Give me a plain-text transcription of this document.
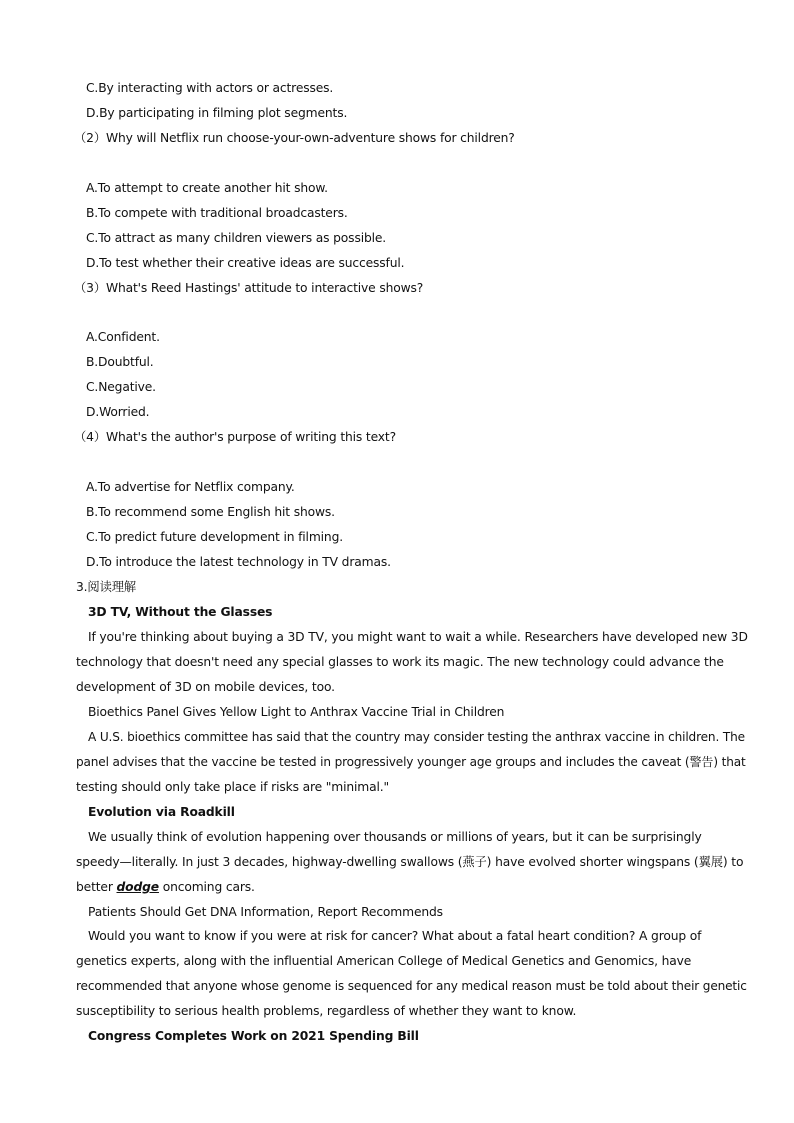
C.By interacting with actors or actresses.
D.By participating in filming plot segments.
（2）Why will Netflix run choose-your-own-adventure shows for children?
A.To attempt to create another hit show.
B.To compete with traditional broadcasters.
C.To attract as many children viewers as possible.
D.To test whether their creative ideas are successful.
（3）What's Reed Hastings' attitude to interactive shows?
A.Confident.
B.Doubtful.
C.Negative.
D.Worried.
（4）What's the author's purpose of writing this text?
A.To advertise for Netflix company.
B.To recommend some English hit shows.
C.To predict future development in filming.
D.To introduce the latest technology in TV dramas.
3.阅读理解
3D TV, Without the Glasses
If you're thinking about buying a 3D TV, you might want to wait a while. Researchers have developed new 3D
technology that doesn't need any special glasses to work its magic. The new technology could advance the
development of 3D on mobile devices, too.
Bioethics Panel Gives Yellow Light to Anthrax Vaccine Trial in Children
A U.S. bioethics committee has said that the country may consider testing the anthrax vaccine in children. The
panel advises that the vaccine be tested in progressively younger age groups and includes the caveat (警告) that
testing should only take place if risks are "minimal."
Evolution via Roadkill
We usually think of evolution happening over thousands or millions of years, but it can be surprisingly
speedy—literally. In just 3 decades, highway-dwelling swallows (燕子) have evolved shorter wingspans (翼展) to
better dodge oncoming cars.
Patients Should Get DNA Information, Report Recommends
Would you want to know if you were at risk for cancer? What about a fatal heart condition? A group of
genetics experts, along with the influential American College of Medical Genetics and Genomics, have
recommended that anyone whose genome is sequenced for any medical reason must be told about their genetic
susceptibility to serious health problems, regardless of whether they want to know.
Congress Completes Work on 2021 Spending Bill
